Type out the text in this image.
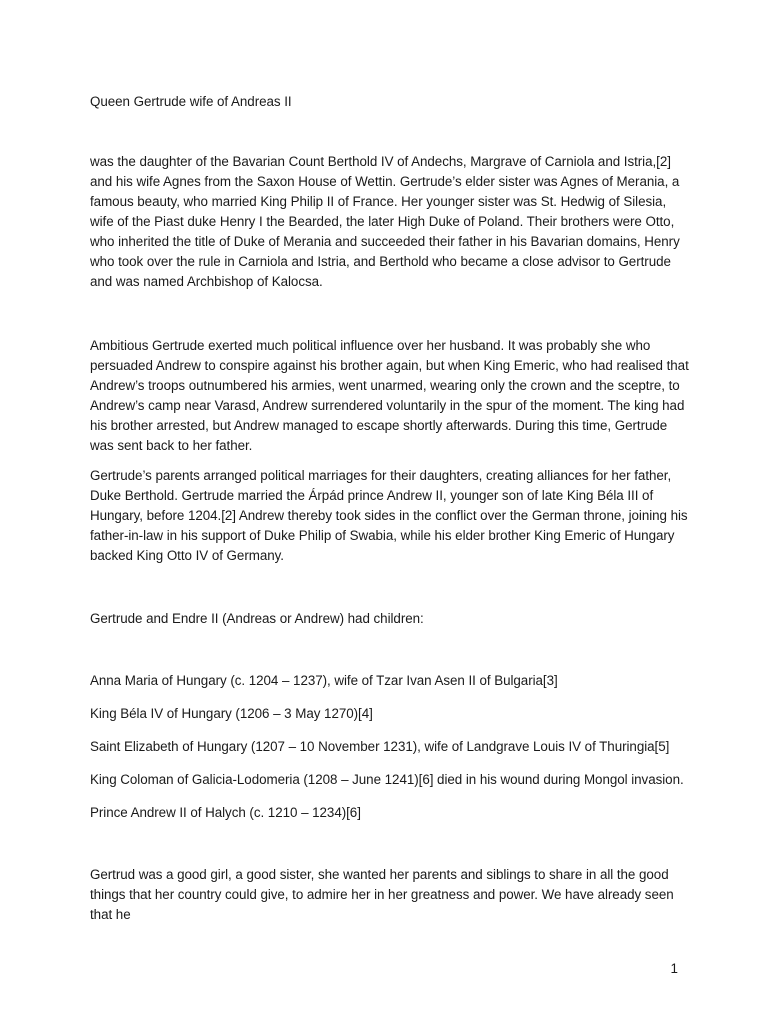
Queen Gertrude wife of Andreas II

was the daughter of the Bavarian Count Berthold IV of Andechs, Margrave of Carniola and Istria,[2] and his wife Agnes from the Saxon House of Wettin. Gertrude’s elder sister was Agnes of Merania, a famous beauty, who married King Philip II of France. Her younger sister was St. Hedwig of Silesia, wife of the Piast duke Henry I the Bearded, the later High Duke of Poland. Their brothers were Otto, who inherited the title of Duke of Merania and succeeded their father in his Bavarian domains, Henry who took over the rule in Carniola and Istria, and Berthold who became a close advisor to Gertrude and was named Archbishop of Kalocsa.

Ambitious Gertrude exerted much political influence over her husband. It was probably she who persuaded Andrew to conspire against his brother again, but when King Emeric, who had realised that Andrew’s troops outnumbered his armies, went unarmed, wearing only the crown and the sceptre, to Andrew’s camp near Varasd, Andrew surrendered voluntarily in the spur of the moment. The king had his brother arrested, but Andrew managed to escape shortly afterwards. During this time, Gertrude was sent back to her father.

Gertrude’s parents arranged political marriages for their daughters, creating alliances for her father, Duke Berthold. Gertrude married the Árpád prince Andrew II, younger son of late King Béla III of Hungary, before 1204.[2] Andrew thereby took sides in the conflict over the German throne, joining his father-in-law in his support of Duke Philip of Swabia, while his elder brother King Emeric of Hungary backed King Otto IV of Germany.

Gertrude and Endre II (Andreas or Andrew) had children:

Anna Maria of Hungary (c. 1204 – 1237), wife of Tzar Ivan Asen II of Bulgaria[3]

King Béla IV of Hungary (1206 – 3 May 1270)[4]

Saint Elizabeth of Hungary (1207 – 10 November 1231), wife of Landgrave Louis IV of Thuringia[5]

King Coloman of Galicia-Lodomeria (1208 – June 1241)[6] died in his wound during Mongol invasion.

Prince Andrew II of Halych (c. 1210 – 1234)[6]

Gertrud was a good girl, a good sister, she wanted her parents and siblings to share in all the good things that her country could give, to admire her in her greatness and power. We have already seen that he

1
